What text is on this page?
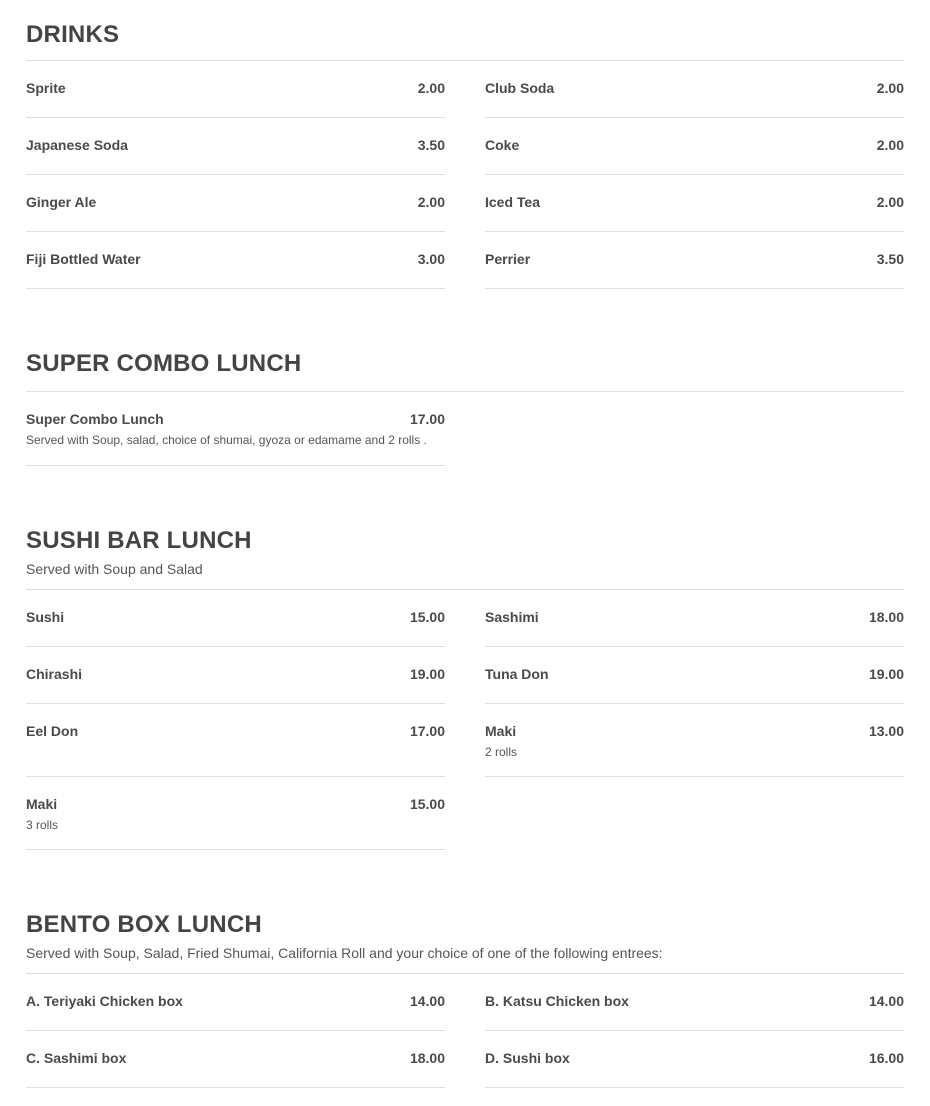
DRINKS
Sprite	2.00	Club Soda	2.00
Japanese Soda	3.50	Coke	2.00
Ginger Ale	2.00	Iced Tea	2.00
Fiji Bottled Water	3.00	Perrier	3.50
SUPER COMBO LUNCH
Super Combo Lunch	17.00
Served with Soup, salad, choice of shumai, gyoza or edamame and 2 rolls .
SUSHI BAR LUNCH

Served with Soup and Salad

Sushi	15.00	Sashimi	18.00
Chirashi	19.00	Tuna Don	19.00
Eel Don	17.00	Maki	13.00
2 rolls
Maki	15.00
3 rolls
BENTO BOX LUNCH

Served with Soup, Salad, Fried Shumai, California Roll and your choice of one of the following entrees:

A. Teriyaki Chicken box	14.00	B. Katsu Chicken box	14.00
C. Sashimi box	18.00	D. Sushi box	16.00
